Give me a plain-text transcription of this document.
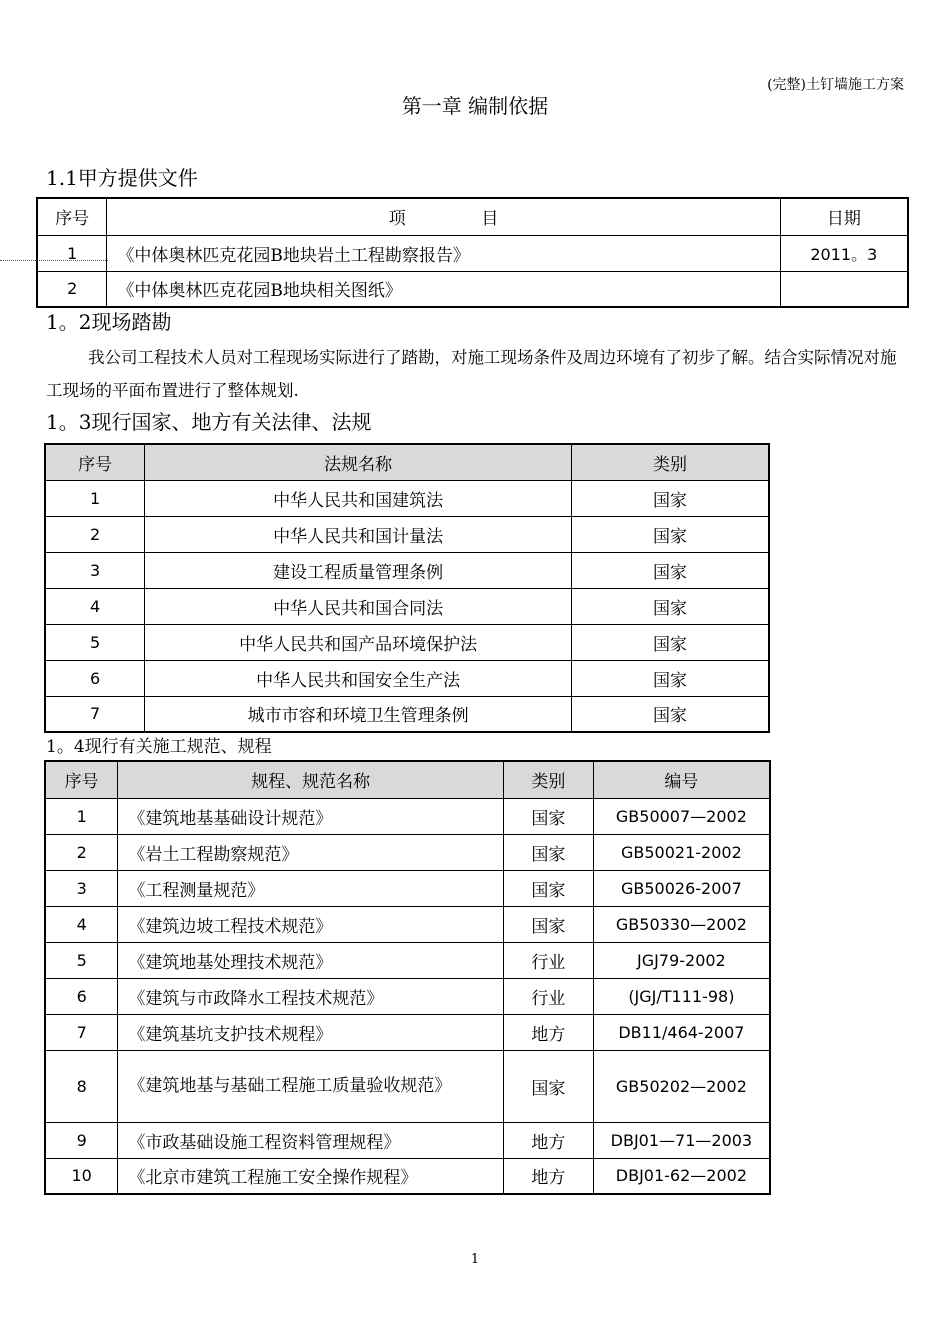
(完整)土钉墙施工方案
第一章 编制依据
1.1甲方提供文件
序号	项              目	日期
1	《中体奥林匹克花园B地块岩土工程勘察报告》	2011。3
2	《中体奥林匹克花园B地块相关图纸》	
1。2现场踏勘
我公司工程技术人员对工程现场实际进行了踏勘，对施工现场条件及周边环境有了初步了解。结合实际情况对施工现场的平面布置进行了整体规划.
1。3现行国家、地方有关法律、法规
序号	法规名称	类别
1	中华人民共和国建筑法	国家
2	中华人民共和国计量法	国家
3	建设工程质量管理条例	国家
4	中华人民共和国合同法	国家
5	中华人民共和国产品环境保护法	国家
6	中华人民共和国安全生产法	国家
7	城市市容和环境卫生管理条例	国家
1。4现行有关施工规范、规程
序号	规程、规范名称	类别	编号
1	《建筑地基基础设计规范》	国家	GB50007—2002
2	《岩土工程勘察规范》	国家	GB50021-2002
3	《工程测量规范》	国家	GB50026-2007
4	《建筑边坡工程技术规范》	国家	GB50330—2002
5	《建筑地基处理技术规范》	行业	JGJ79-2002
6	《建筑与市政降水工程技术规范》	行业	(JGJ/T111-98)
7	《建筑基坑支护技术规程》	地方	DB11/464-2007
8	《建筑地基与基础工程施工质量验收规范》	国家	GB50202—2002
9	《市政基础设施工程资料管理规程》	地方	DBJ01—71—2003
10	《北京市建筑工程施工安全操作规程》	地方	DBJ01-62—2002
1
